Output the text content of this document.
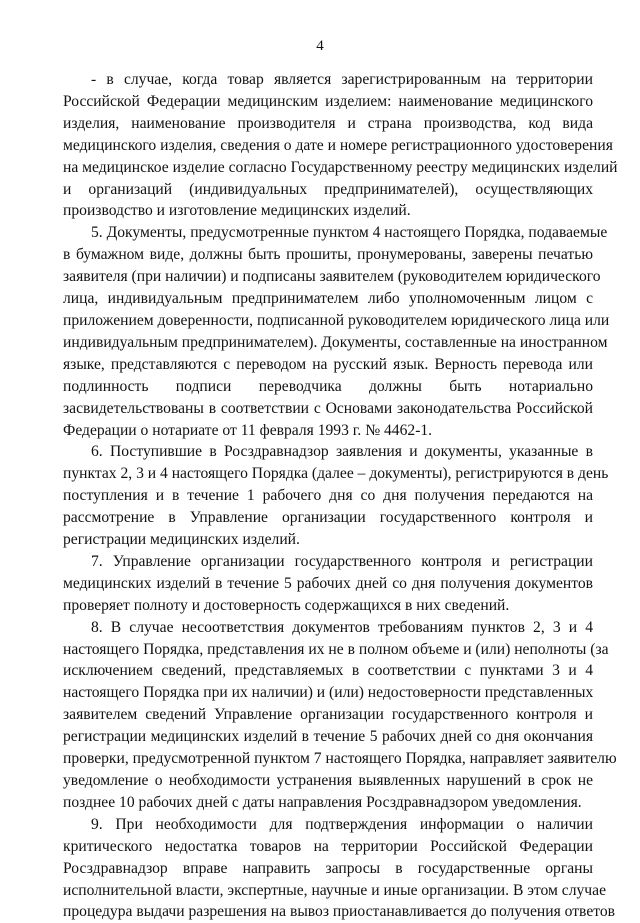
4
- в случае, когда товар является зарегистрированным на территории
Российской Федерации медицинским изделием: наименование медицинского
изделия, наименование производителя и страна производства, код вида
медицинского изделия, сведения о дате и номере регистрационного удостоверения
на медицинское изделие согласно Государственному реестру медицинских изделий
и организаций (индивидуальных предпринимателей), осуществляющих
производство и изготовление медицинских изделий.
5. Документы, предусмотренные пунктом 4 настоящего Порядка, подаваемые
в бумажном виде, должны быть прошиты, пронумерованы, заверены печатью
заявителя (при наличии) и подписаны заявителем (руководителем юридического
лица, индивидуальным предпринимателем либо уполномоченным лицом с
приложением доверенности, подписанной руководителем юридического лица или
индивидуальным предпринимателем). Документы, составленные на иностранном
языке, представляются с переводом на русский язык. Верность перевода или
подлинность подписи переводчика должны быть нотариально
засвидетельствованы в соответствии с Основами законодательства Российской
Федерации о нотариате от 11 февраля 1993 г. № 4462-1.
6. Поступившие в Росздравнадзор заявления и документы, указанные в
пунктах 2, 3 и 4 настоящего Порядка (далее – документы), регистрируются в день
поступления и в течение 1 рабочего дня со дня получения передаются на
рассмотрение в Управление организации государственного контроля и
регистрации медицинских изделий.
7. Управление организации государственного контроля и регистрации
медицинских изделий в течение 5 рабочих дней со дня получения документов
проверяет полноту и достоверность содержащихся в них сведений.
8. В случае несоответствия документов требованиям пунктов 2, 3 и 4
настоящего Порядка, представления их не в полном объеме и (или) неполноты (за
исключением сведений, представляемых в соответствии с пунктами 3 и 4
настоящего Порядка при их наличии) и (или) недостоверности представленных
заявителем сведений Управление организации государственного контроля и
регистрации медицинских изделий в течение 5 рабочих дней со дня окончания
проверки, предусмотренной пунктом 7 настоящего Порядка, направляет заявителю
уведомление о необходимости устранения выявленных нарушений в срок не
позднее 10 рабочих дней с даты направления Росздравнадзором уведомления.
9. При необходимости для подтверждения информации о наличии
критического недостатка товаров на территории Российской Федерации
Росздравнадзор вправе направить запросы в государственные органы
исполнительной власти, экспертные, научные и иные организации. В этом случае
процедура выдачи разрешения на вывоз приостанавливается до получения ответов
